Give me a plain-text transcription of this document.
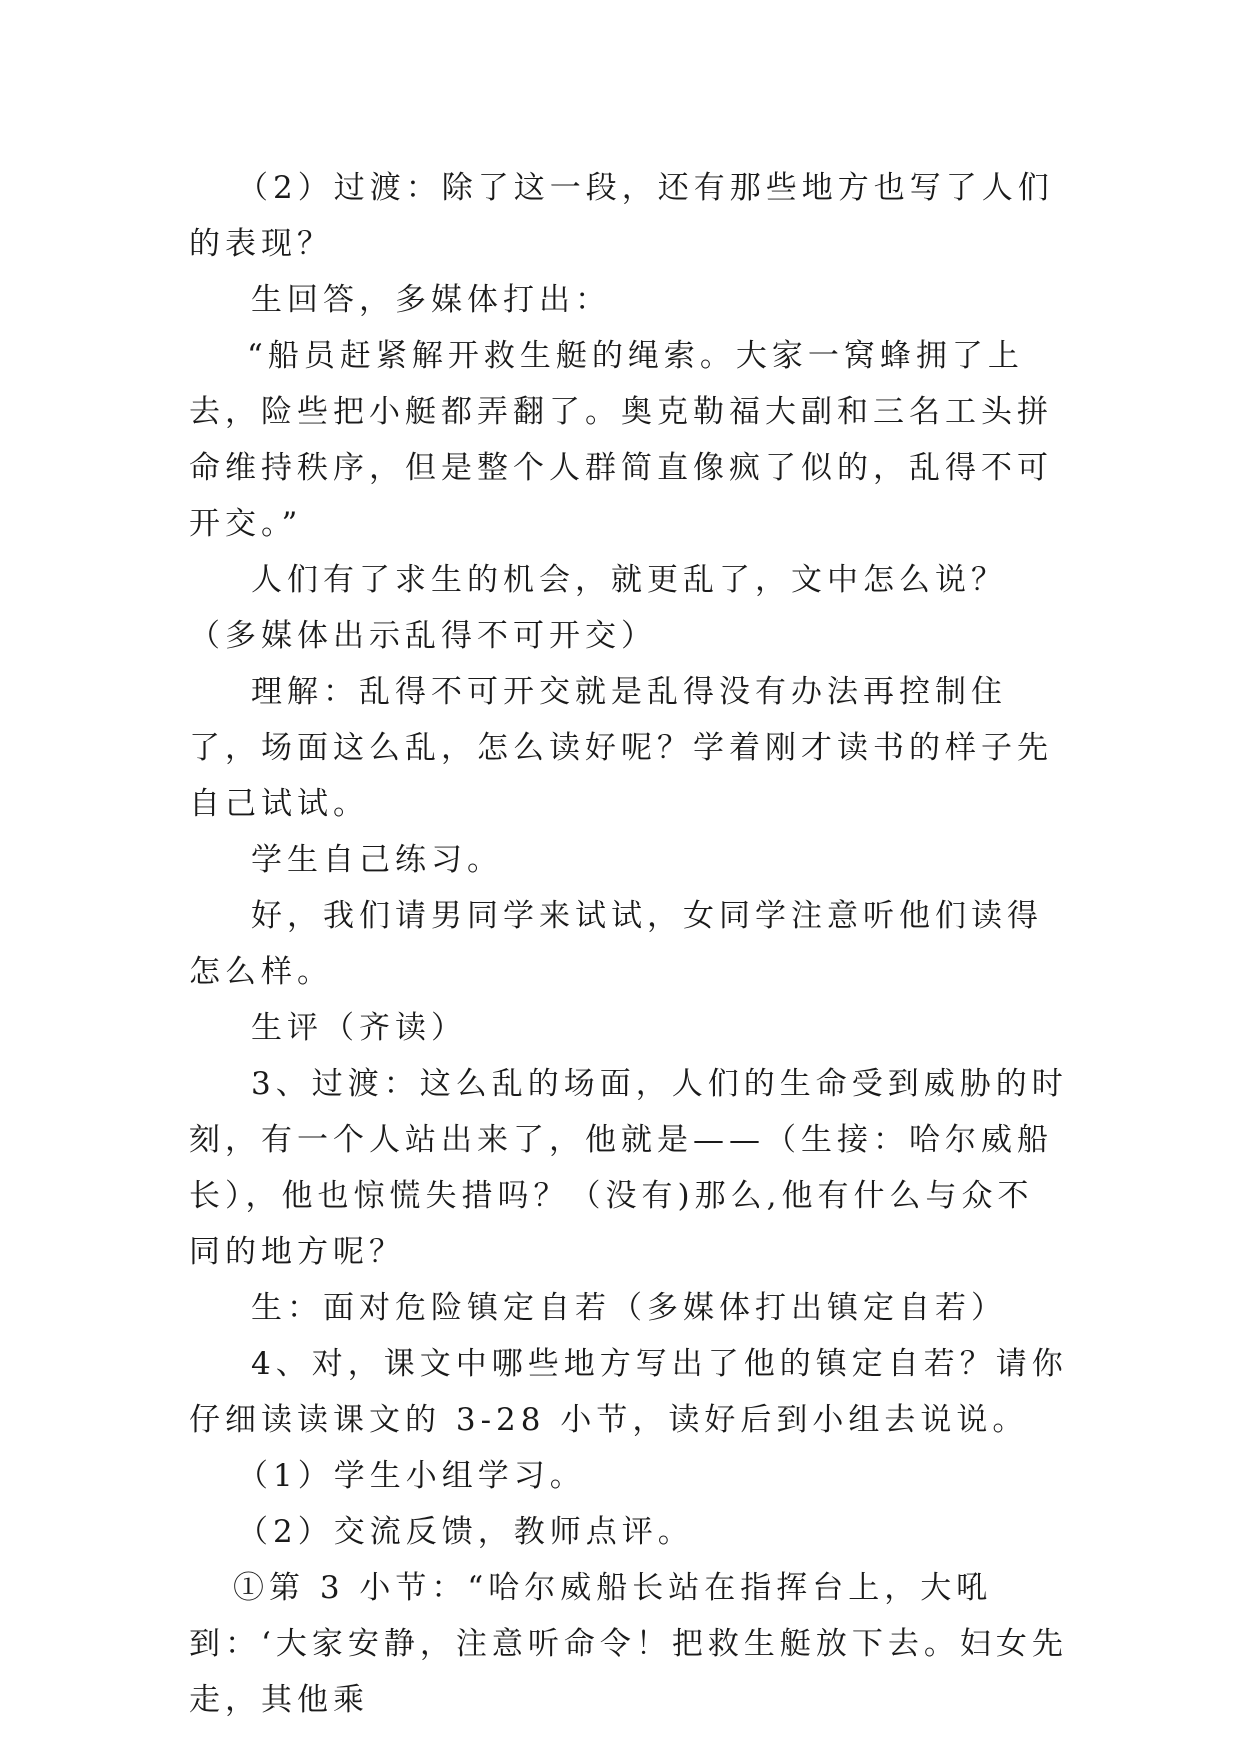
（2）过渡：除了这一段，还有那些地方也写了人们的表现？

生回答，多媒体打出：

“船员赶紧解开救生艇的绳索。大家一窝蜂拥了上去，险些把小艇都弄翻了。奥克勒福大副和三名工头拼命维持秩序，但是整个人群简直像疯了似的，乱得不可开交。”

人们有了求生的机会，就更乱了，文中怎么说？（多媒体出示乱得不可开交）

理解：乱得不可开交就是乱得没有办法再控制住了，场面这么乱，怎么读好呢？学着刚才读书的样子先自己试试。

学生自己练习。

好，我们请男同学来试试，女同学注意听他们读得怎么样。

生评（齐读）

3、过渡：这么乱的场面，人们的生命受到威胁的时刻，有一个人站出来了，他就是——（生接：哈尔威船长），他也惊慌失措吗？（没有)那么,他有什么与众不同的地方呢？

生：面对危险镇定自若（多媒体打出镇定自若）

4、对，课文中哪些地方写出了他的镇定自若？请你仔细读读课文的 3-28 小节，读好后到小组去说说。

（1）学生小组学习。

（2）交流反馈，教师点评。

①第 3 小节：“哈尔威船长站在指挥台上，大吼到：‘大家安静，注意听命令！把救生艇放下去。妇女先走，其他乘
